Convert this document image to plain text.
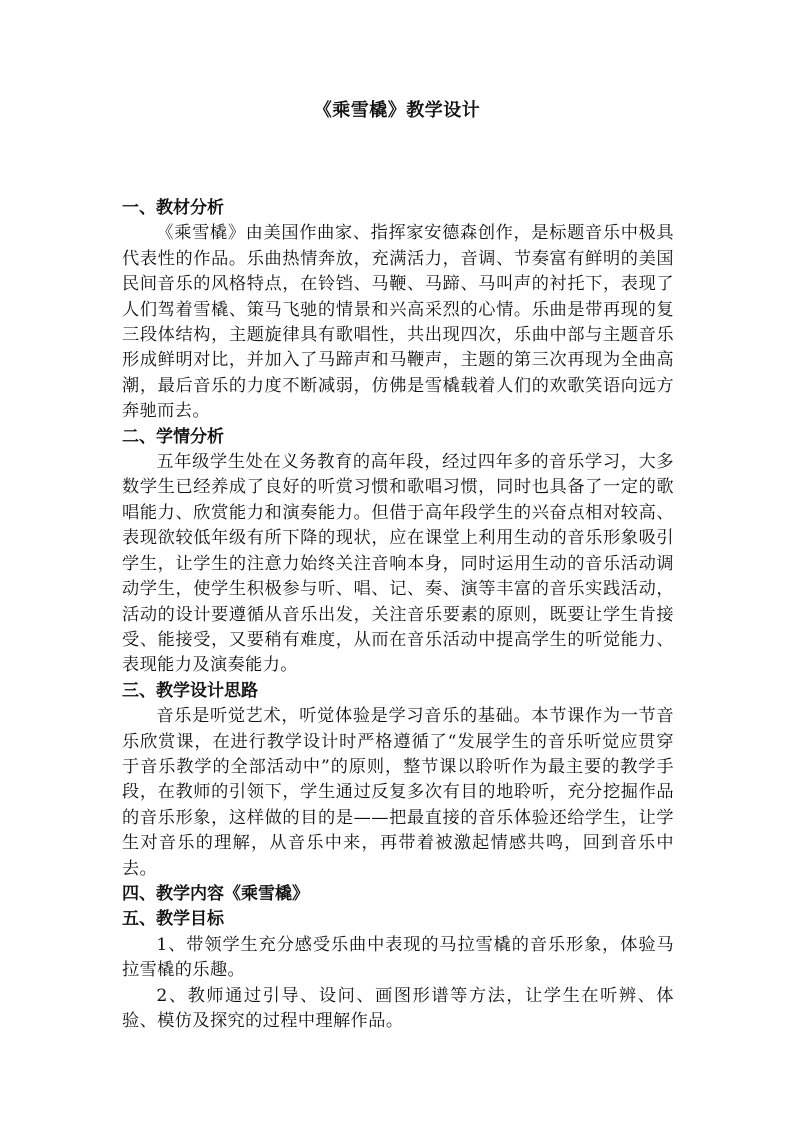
《乘雪橇》教学设计

一、教材分析

《乘雪橇》由美国作曲家、指挥家安德森创作，是标题音乐中极具代表性的作品。乐曲热情奔放，充满活力，音调、节奏富有鲜明的美国民间音乐的风格特点，在铃铛、马鞭、马蹄、马叫声的衬托下，表现了人们驾着雪橇、策马飞驰的情景和兴高采烈的心情。乐曲是带再现的复三段体结构，主题旋律具有歌唱性，共出现四次，乐曲中部与主题音乐形成鲜明对比，并加入了马蹄声和马鞭声，主题的第三次再现为全曲高潮，最后音乐的力度不断减弱，仿佛是雪橇载着人们的欢歌笑语向远方奔驰而去。

二、学情分析

五年级学生处在义务教育的高年段，经过四年多的音乐学习，大多数学生已经养成了良好的听赏习惯和歌唱习惯，同时也具备了一定的歌唱能力、欣赏能力和演奏能力。但借于高年段学生的兴奋点相对较高、表现欲较低年级有所下降的现状，应在课堂上利用生动的音乐形象吸引学生，让学生的注意力始终关注音响本身，同时运用生动的音乐活动调动学生，使学生积极参与听、唱、记、奏、演等丰富的音乐实践活动，活动的设计要遵循从音乐出发，关注音乐要素的原则，既要让学生肯接受、能接受，又要稍有难度，从而在音乐活动中提高学生的听觉能力、表现能力及演奏能力。

三、教学设计思路

音乐是听觉艺术，听觉体验是学习音乐的基础。本节课作为一节音乐欣赏课，在进行教学设计时严格遵循了“发展学生的音乐听觉应贯穿于音乐教学的全部活动中”的原则，整节课以聆听作为最主要的教学手段，在教师的引领下，学生通过反复多次有目的地聆听，充分挖掘作品的音乐形象，这样做的目的是——把最直接的音乐体验还给学生，让学生对音乐的理解，从音乐中来，再带着被激起情感共鸣，回到音乐中去。

四、教学内容《乘雪橇》

五、教学目标

1、带领学生充分感受乐曲中表现的马拉雪橇的音乐形象，体验马拉雪橇的乐趣。

2、教师通过引导、设问、画图形谱等方法，让学生在听辨、体验、模仿及探究的过程中理解作品。
